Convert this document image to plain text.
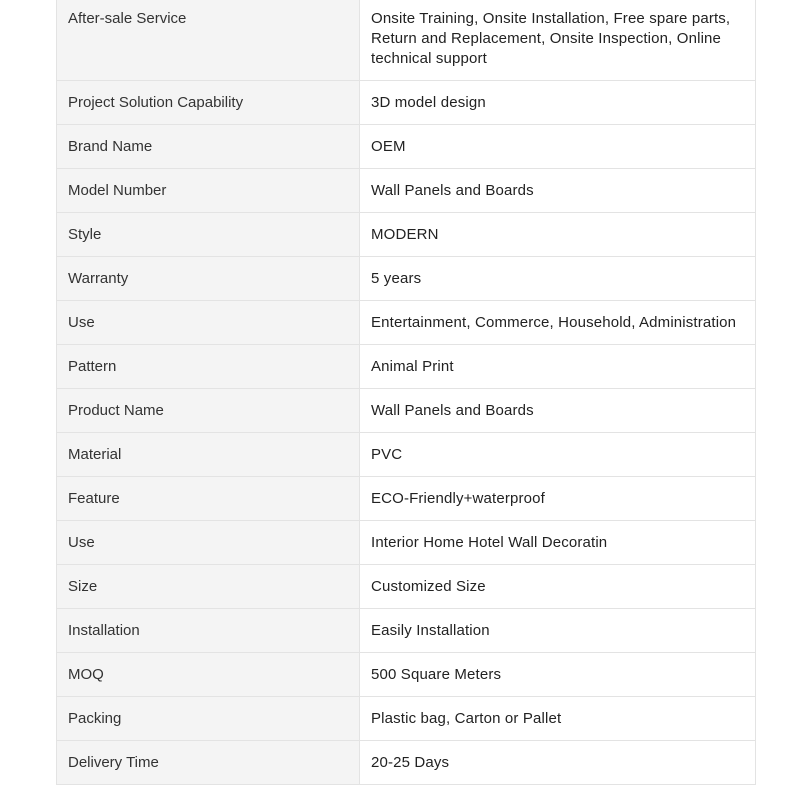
After-sale Service	Onsite Training, Onsite Installation, Free spare parts, Return and Replacement, Onsite Inspection, Online technical support
Project Solution Capability	3D model design
Brand Name	OEM
Model Number	Wall Panels and Boards
Style	MODERN
Warranty	5 years
Use	Entertainment, Commerce, Household, Administration
Pattern	Animal Print
Product Name	Wall Panels and Boards
Material	PVC
Feature	ECO-Friendly+waterproof
Use	Interior Home Hotel Wall Decoratin
Size	Customized Size
Installation	Easily Installation
MOQ	500 Square Meters
Packing	Plastic bag, Carton or Pallet
Delivery Time	20-25 Days
